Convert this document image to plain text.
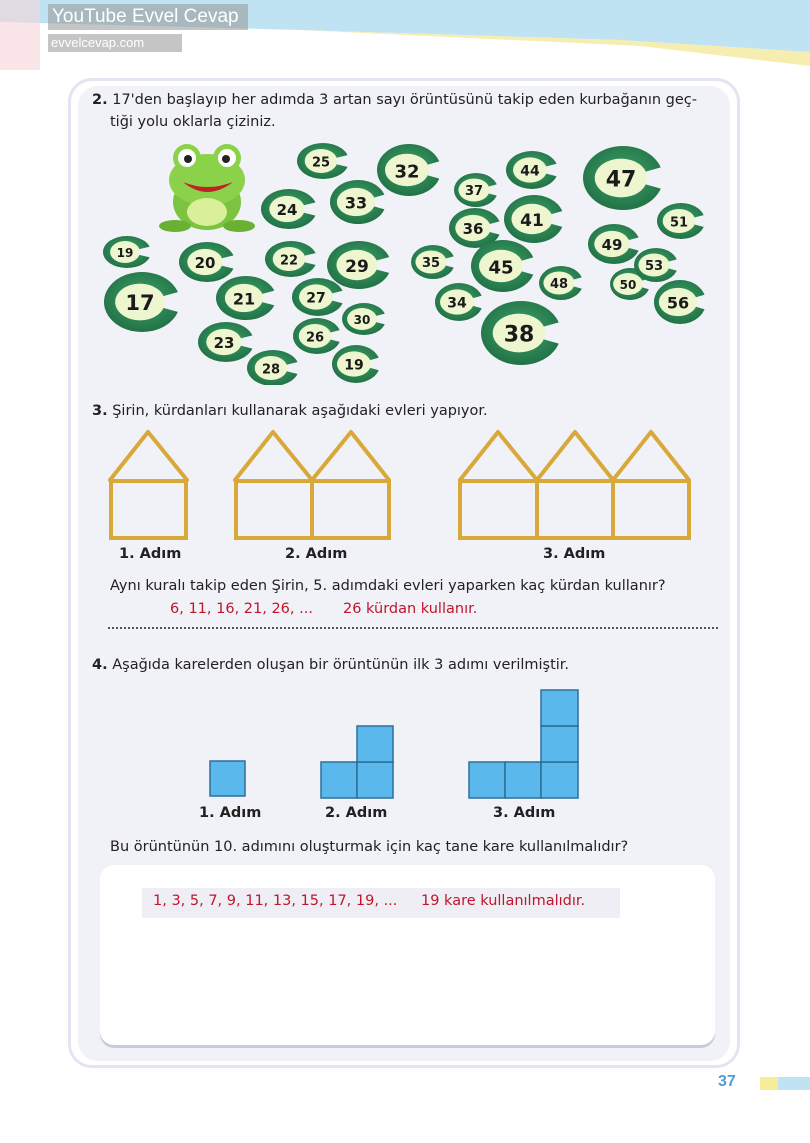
YouTube Evvel Cevap
evvelcevap.com
2. 17'den başlayıp her adımda 3 artan sayı örüntüsünü takip eden kurbağanın geç-
tiği yolu oklarla çiziniz.
17
19
20
21
22
23
24
25
26
27
28
29
30
32
33
35
36
37
41
44
45
47
48
49
50
51
53
56
34
38
19
3. Şirin, kürdanları kullanarak aşağıdaki evleri yapıyor.
1. Adım	2. Adım	3. Adım
Aynı kuralı takip eden Şirin, 5. adımdaki evleri yaparken kaç kürdan kullanır?
6, 11, 16, 21, 26, ... 26 kürdan kullanır.
4. Aşağıda karelerden oluşan bir örüntünün ilk 3 adımı verilmiştir.
1. Adım	2. Adım	3. Adım
Bu örüntünün 10. adımını oluşturmak için kaç tane kare kullanılmalıdır?
1, 3, 5, 7, 9, 11, 13, 15, 17, 19, ... 19 kare kullanılmalıdır.
37
